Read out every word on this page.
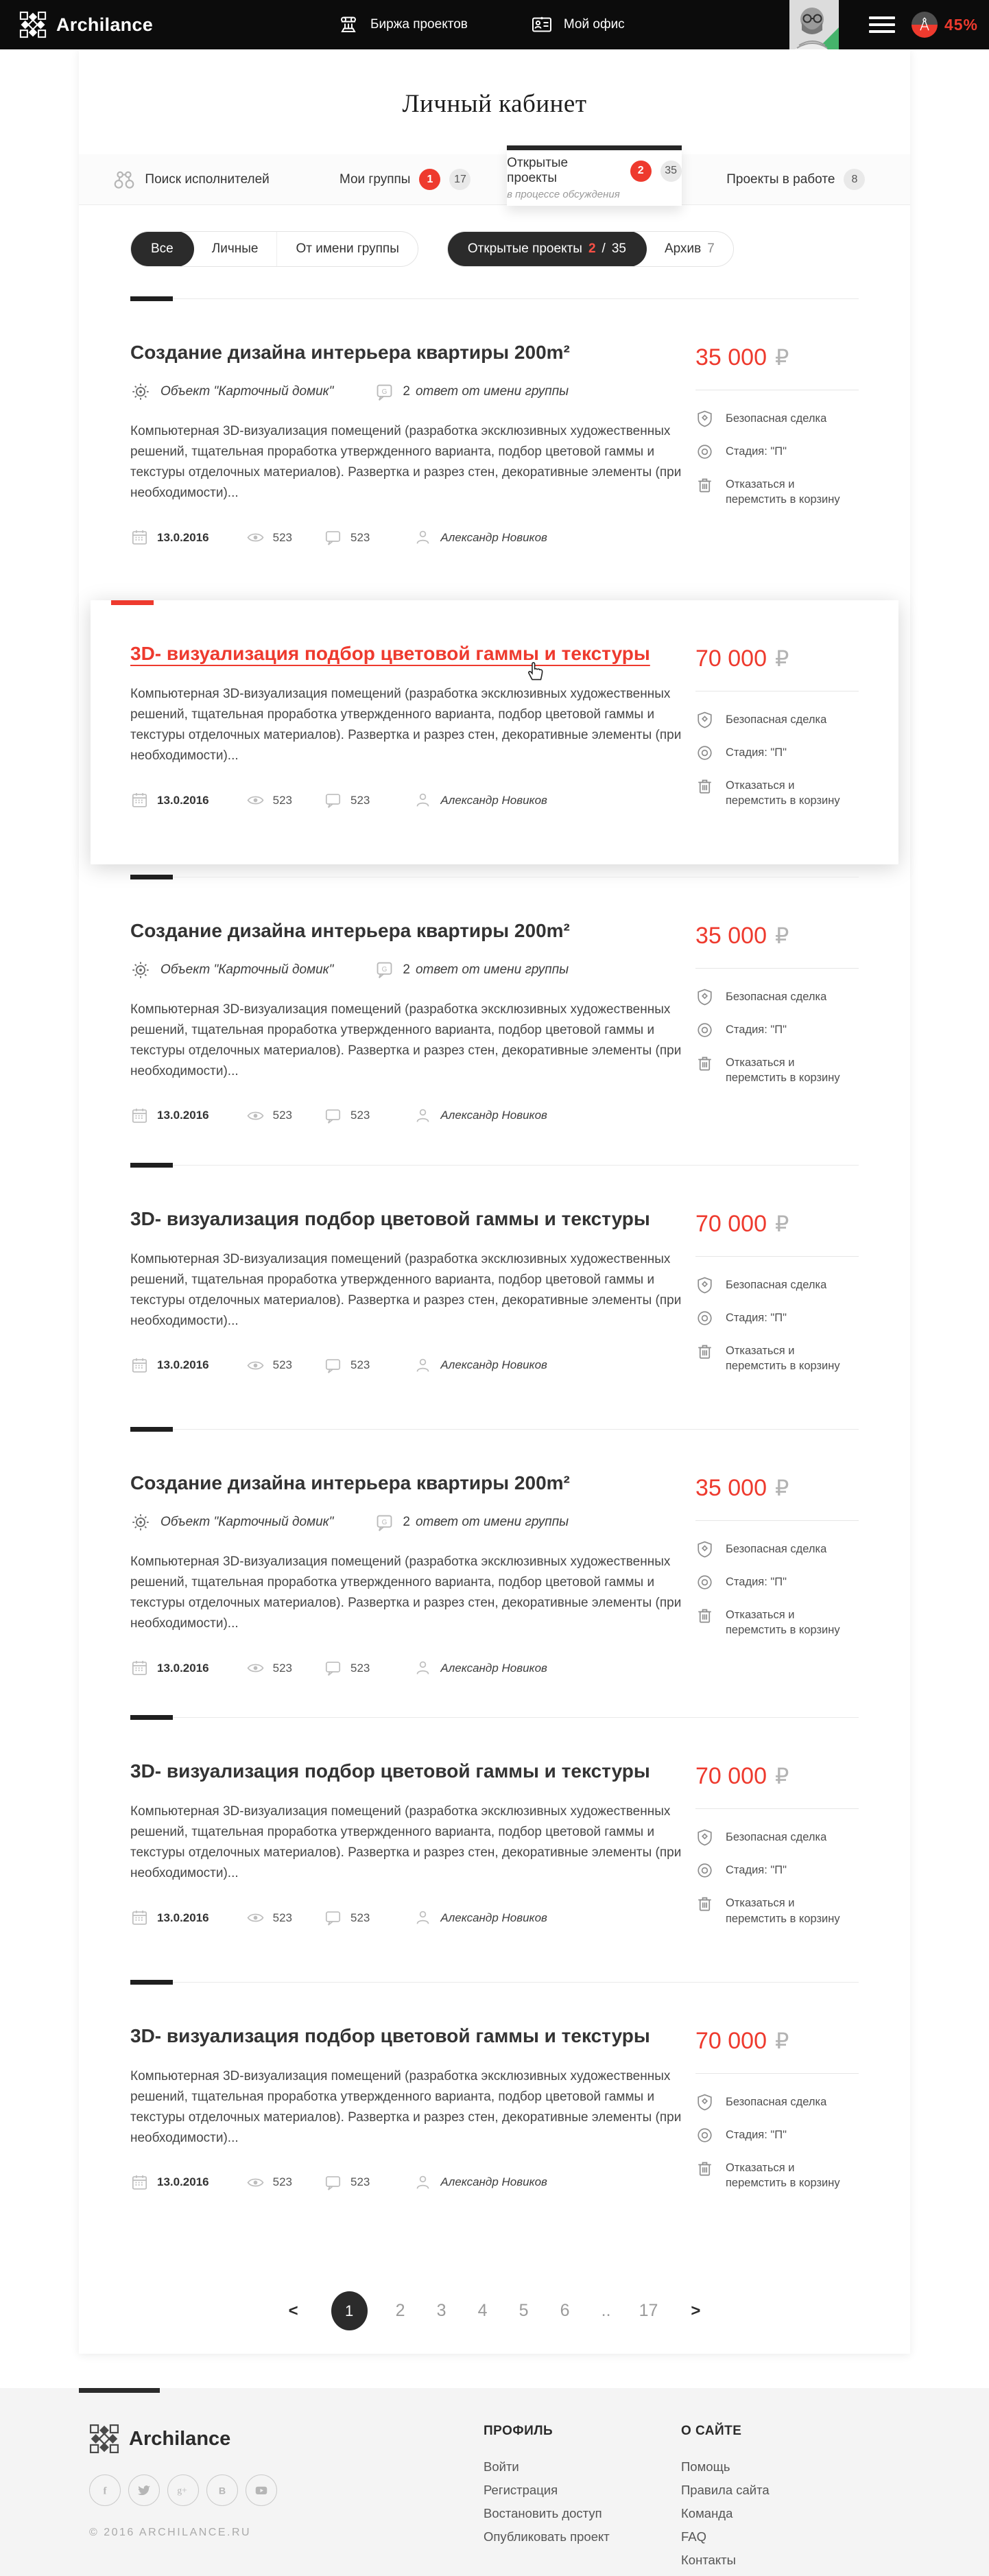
Archilance	Биржа проектов	Мой офис	45%
Личный кабинет
Поиск исполнителей	Мои группы	1	17
Открытые проекты
2	35
в процессе обсуждения
Проекты в работе	8
Все	Личные	От имени группы	Открытые проекты 2 / 35	Архив 7
Создание дизайна интерьера квартиры 200m²
Объект "Карточный домик"	2 ответ от имени группы

Компьютерная 3D-визуализация помещений (разработка эксклюзивных художественных решений, тщательная проработка утвержденного варианта, подбор цветовой гаммы и текстуры отделочных материалов). Развертка и разрез стен, декоративные элементы (при необходимости)...

13.0.2016	523	523	Александр Новиков
35 000 ₽
Безопасная сделка
Стадия: "П"
Отказаться и перемстить в корзину
3D- визуализация подбор цветовой гаммы и текстуры

Компьютерная 3D-визуализация помещений (разработка эксклюзивных художественных решений, тщательная проработка утвержденного варианта, подбор цветовой гаммы и текстуры отделочных материалов). Развертка и разрез стен, декоративные элементы (при необходимости)...

13.0.2016	523	523	Александр Новиков
70 000 ₽
Безопасная сделка
Стадия: "П"
Отказаться и перемстить в корзину
Создание дизайна интерьера квартиры 200m²
Объект "Карточный домик"	2 ответ от имени группы

Компьютерная 3D-визуализация помещений (разработка эксклюзивных художественных решений, тщательная проработка утвержденного варианта, подбор цветовой гаммы и текстуры отделочных материалов). Развертка и разрез стен, декоративные элементы (при необходимости)...

13.0.2016	523	523	Александр Новиков
35 000 ₽
Безопасная сделка
Стадия: "П"
Отказаться и перемстить в корзину
3D- визуализация подбор цветовой гаммы и текстуры

Компьютерная 3D-визуализация помещений (разработка эксклюзивных художественных решений, тщательная проработка утвержденного варианта, подбор цветовой гаммы и текстуры отделочных материалов). Развертка и разрез стен, декоративные элементы (при необходимости)...

13.0.2016	523	523	Александр Новиков
70 000 ₽
Безопасная сделка
Стадия: "П"
Отказаться и перемстить в корзину
Создание дизайна интерьера квартиры 200m²
Объект "Карточный домик"	2 ответ от имени группы

Компьютерная 3D-визуализация помещений (разработка эксклюзивных художественных решений, тщательная проработка утвержденного варианта, подбор цветовой гаммы и текстуры отделочных материалов). Развертка и разрез стен, декоративные элементы (при необходимости)...

13.0.2016	523	523	Александр Новиков
35 000 ₽
Безопасная сделка
Стадия: "П"
Отказаться и перемстить в корзину
3D- визуализация подбор цветовой гаммы и текстуры

Компьютерная 3D-визуализация помещений (разработка эксклюзивных художественных решений, тщательная проработка утвержденного варианта, подбор цветовой гаммы и текстуры отделочных материалов). Развертка и разрез стен, декоративные элементы (при необходимости)...

13.0.2016	523	523	Александр Новиков
70 000 ₽
Безопасная сделка
Стадия: "П"
Отказаться и перемстить в корзину
3D- визуализация подбор цветовой гаммы и текстуры

Компьютерная 3D-визуализация помещений (разработка эксклюзивных художественных решений, тщательная проработка утвержденного варианта, подбор цветовой гаммы и текстуры отделочных материалов). Развертка и разрез стен, декоративные элементы (при необходимости)...

13.0.2016	523	523	Александр Новиков
70 000 ₽
Безопасная сделка
Стадия: "П"
Отказаться и перемстить в корзину
<	1	2 3 4 5 6 .. 17 >
Archilance
© 2016 ARCHILANCE.RU
ПРОФИЛЬ
Войти
Регистрация
Востановить доступ
Опубликовать проект
О САЙТЕ
Помощь
Правила сайта
Команда
FAQ
Контакты
